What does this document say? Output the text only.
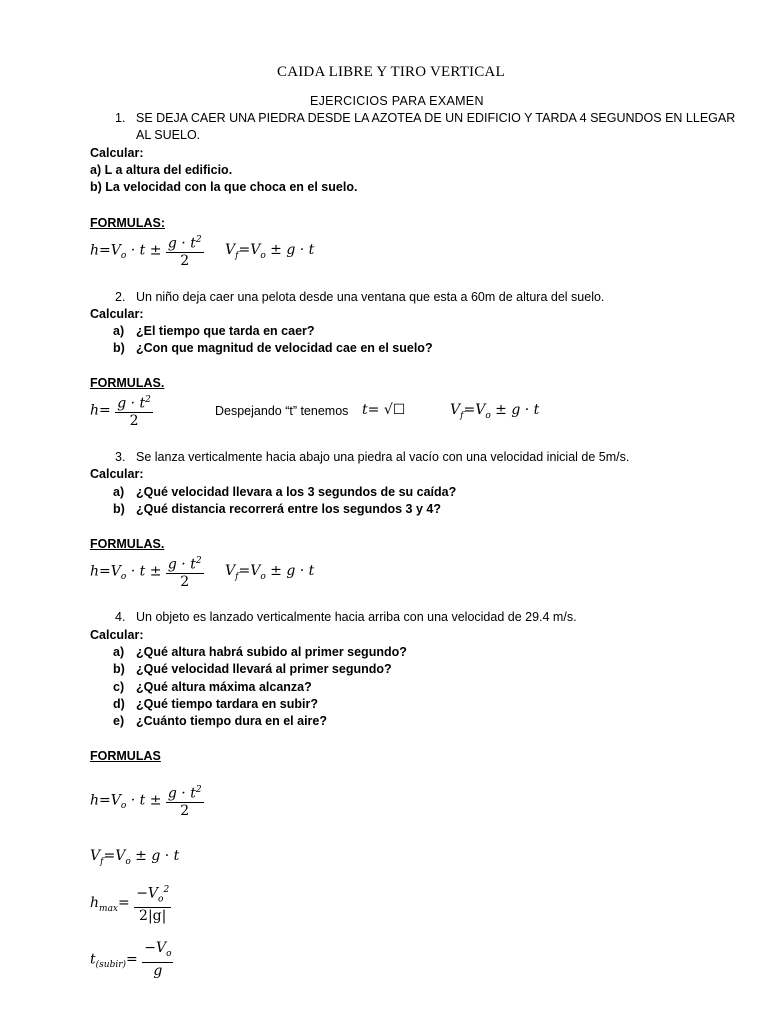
CAIDA LIBRE Y TIRO VERTICAL
EJERCICIOS PARA EXAMEN
1. SE DEJA CAER UNA PIEDRA DESDE LA AZOTEA DE UN EDIFICIO Y TARDA 4 SEGUNDOS EN LLEGAR
AL SUELO.
Calcular:
a) L a altura del edificio.
b) La velocidad con la que choca en el suelo.
FORMULAS:
$h=V_o \cdot t \pm \frac{g \cdot t^2}{2} V_f=V_o \pm g \cdot t$
2. Un niño deja caer una pelota desde una ventana que esta a 60m de altura del suelo.
Calcular:
a) ¿El tiempo que tarda en caer?
b) ¿Con que magnitud de velocidad cae en el suelo?
FORMULAS.
$h= \frac{g \cdot t^2}{2}$	Despejando “t” tenemos t= √☐	$V_f=V_o \pm g \cdot t$
3. Se lanza verticalmente hacia abajo una piedra al vacío con una velocidad inicial de 5m/s.
Calcular:
a) ¿Qué velocidad llevara a los 3 segundos de su caída?
b) ¿Qué distancia recorrerá entre los segundos 3 y 4?
FORMULAS.
$h=V_o \cdot t \pm \frac{g \cdot t^2}{2} V_f=V_o \pm g \cdot t$
4. Un objeto es lanzado verticalmente hacia arriba con una velocidad de 29.4 m/s.
Calcular:
a) ¿Qué altura habrá subido al primer segundo?
b) ¿Qué velocidad llevará al primer segundo?
c) ¿Qué altura máxima alcanza?
d) ¿Qué tiempo tardara en subir?
e) ¿Cuánto tiempo dura en el aire?
FORMULAS
$h=V_o \cdot t \pm \frac{g \cdot t^2}{2}$
$V_f=V_o \pm g \cdot t$
$h_{max}= \frac{-V_o^2}{2|g|}$
$t_{(subir)}= \frac{-V_o}{g}$
